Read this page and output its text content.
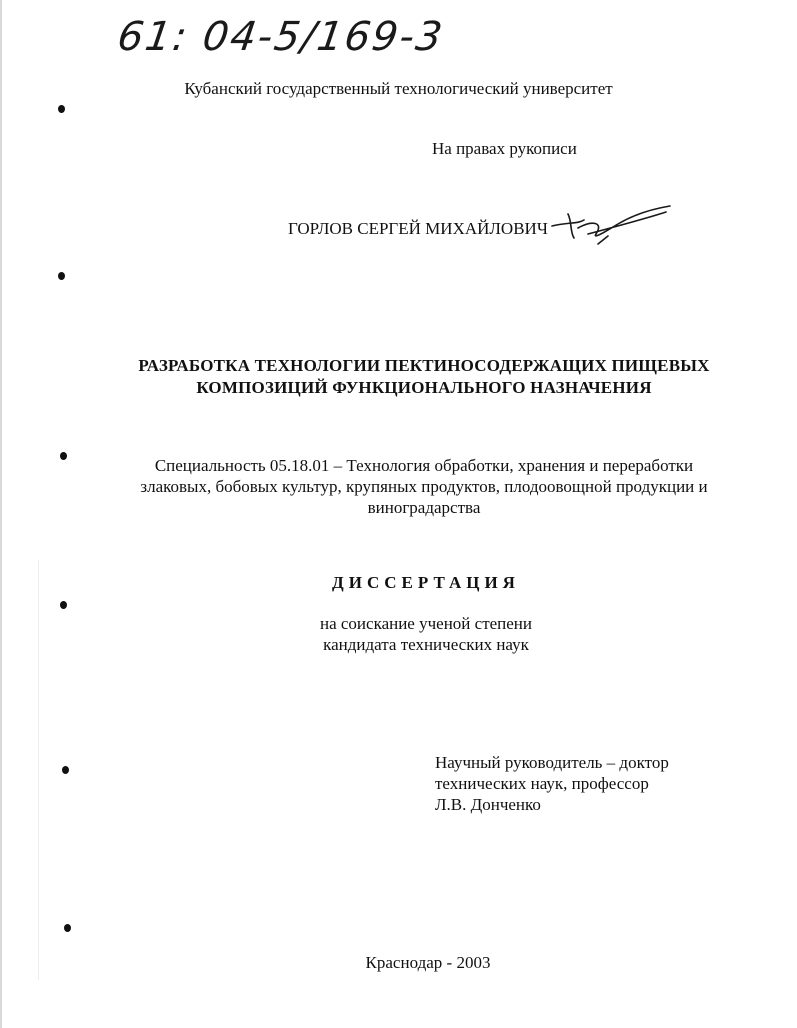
61: 04-5/169-3
Кубанский государственный технологический университет
На правах рукописи
ГОРЛОВ СЕРГЕЙ МИХАЙЛОВИЧ
РАЗРАБОТКА ТЕХНОЛОГИИ ПЕКТИНОСОДЕРЖАЩИХ ПИЩЕВЫХ
КОМПОЗИЦИЙ ФУНКЦИОНАЛЬНОГО НАЗНАЧЕНИЯ
Специальность 05.18.01 – Технология обработки, хранения и переработки
злаковых, бобовых культур, крупяных продуктов, плодоовощной продукции и
виноградарства
ДИССЕРТАЦИЯ
на соискание ученой степени
кандидата технических наук
Научный руководитель – доктор
технических наук, профессор
Л.В. Донченко
Краснодар - 2003
